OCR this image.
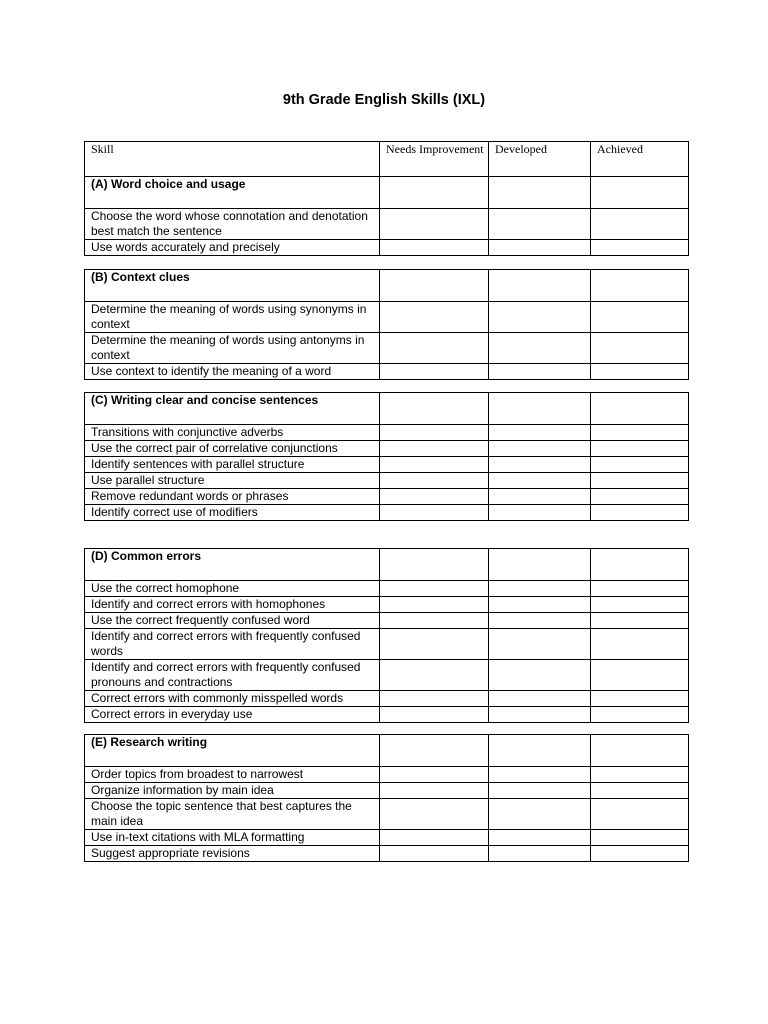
9th Grade English Skills (IXL)
Skill	Needs Improvement	Developed	Achieved
(A) Word choice and usage			
Choose the word whose connotation and denotation best match the sentence			
Use words accurately and precisely			
(B) Context clues			
Determine the meaning of words using synonyms in context			
Determine the meaning of words using antonyms in context			
Use context to identify the meaning of a word			
(C) Writing clear and concise sentences			
Transitions with conjunctive adverbs			
Use the correct pair of correlative conjunctions			
Identify sentences with parallel structure			
Use parallel structure			
Remove redundant words or phrases			
Identify correct use of modifiers			
(D) Common errors			
Use the correct homophone			
Identify and correct errors with homophones			
Use the correct frequently confused word			
Identify and correct errors with frequently confused words			
Identify and correct errors with frequently confused pronouns and contractions			
Correct errors with commonly misspelled words			
Correct errors in everyday use			
(E) Research writing			
Order topics from broadest to narrowest			
Organize information by main idea			
Choose the topic sentence that best captures the main idea			
Use in-text citations with MLA formatting			
Suggest appropriate revisions			
